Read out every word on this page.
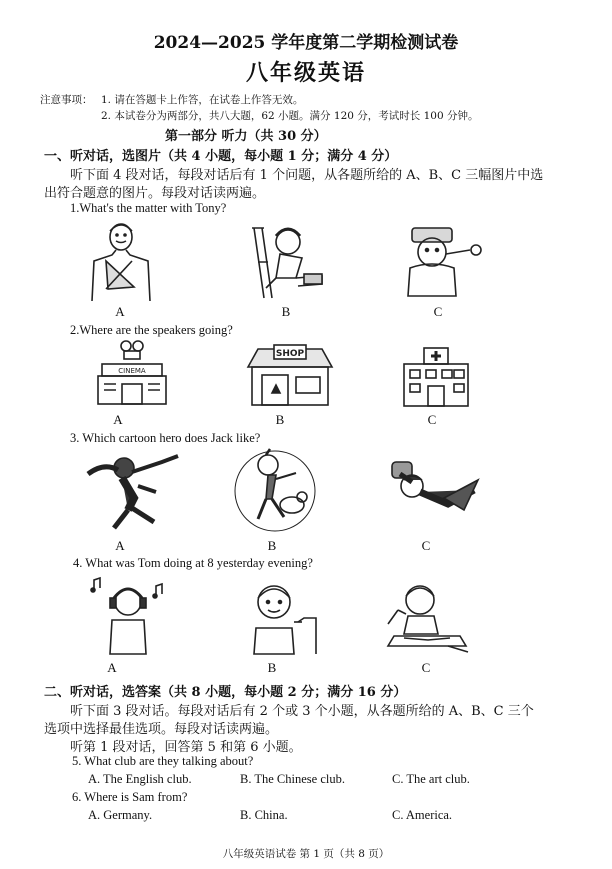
2024—2025 学年度第二学期检测试卷
八年级英语
注意事项： 1. 请在答题卡上作答，在试卷上作答无效。
2. 本试卷分为两部分，共八大题，62 小题。满分 120 分，考试时长 100 分钟。
第一部分 听力（共 30 分）
一、听对话，选图片（共 4 小题，每小题 1 分；满分 4 分）
听下面 4 段对话，每段对话后有 1 个问题，从各题所给的 A、B、C 三幅图片中选
出符合题意的图片。每段对话读两遍。
1.What's the matter with Tony?
A	B	C
2.Where are the speakers going?
CINEMA
SHOP
A	B	C
3. Which cartoon hero does Jack like?
A	B	C
4. What was Tom doing at 8 yesterday evening?
A	B	C
二、听对话，选答案（共 8 小题，每小题 2 分；满分 16 分）
听下面 3 段对话。每段对话后有 2 个或 3 个小题，从各题所给的 A、B、C 三个
选项中选择最佳选项。每段对话读两遍。
听第 1 段对话，回答第 5 和第 6 小题。
5. What club are they talking about?
A. The English club.	B. The Chinese club.	C. The art club.
6. Where is Sam from?
A. Germany.	B. China.	C. America.
八年级英语试卷 第 1 页（共 8 页）
